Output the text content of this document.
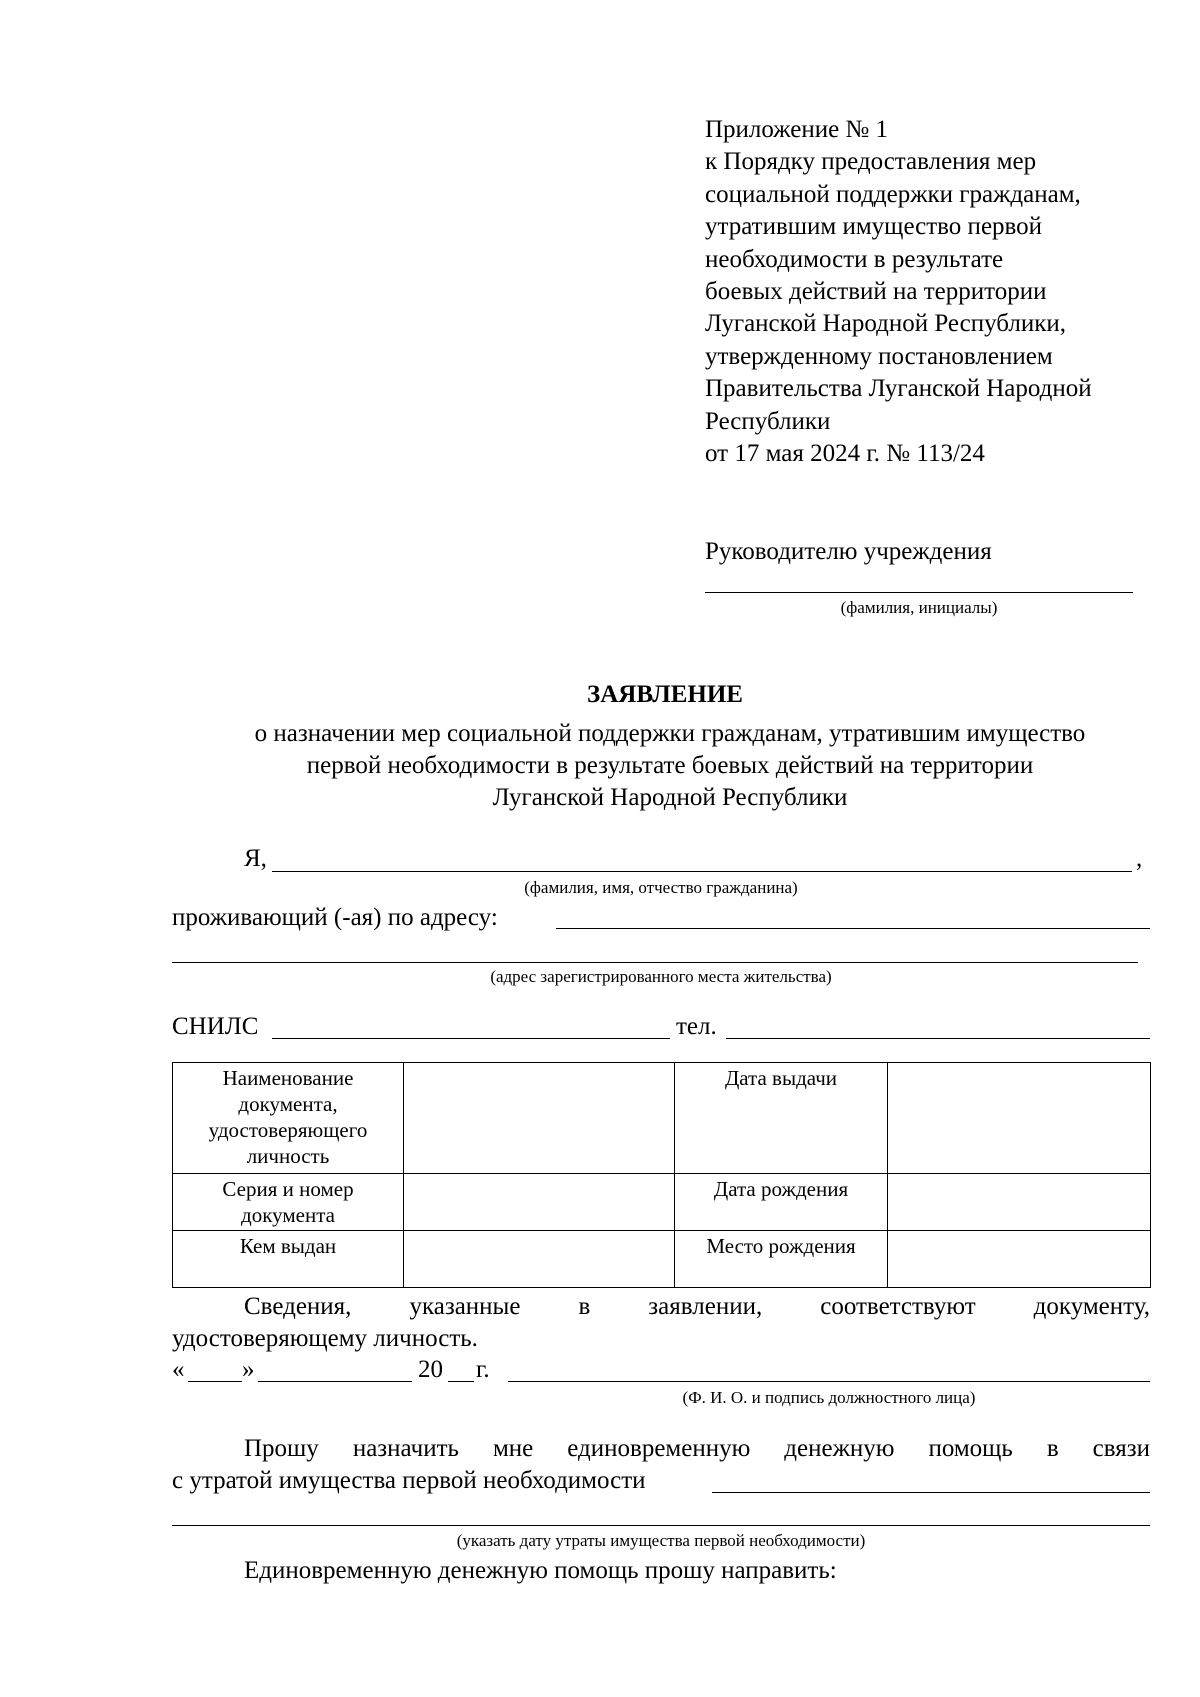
Приложение № 1
к Порядку предоставления мер
социальной поддержки гражданам,
утратившим имущество первой
необходимости в результате
боевых действий на территории
Луганской Народной Республики,
утвержденному постановлением
Правительства Луганской Народной
Республики
от 17 мая 2024 г. № 113/24
Руководителю учреждения
(фамилия, инициалы)
ЗАЯВЛЕНИЕ
о назначении мер социальной поддержки гражданам, утратившим имущество
первой необходимости в результате боевых действий на территории
Луганской Народной Республики
Я,	,
(фамилия, имя, отчество гражданина)
проживающий (-ая) по адресу:
(адрес зарегистрированного места жительства)
СНИЛС	тел.
Наименование документа, удостоверяющего личность		Дата выдачи	
Серия и номер документа		Дата рождения	
Кем выдан		Место рождения	
Сведения, указанные в заявлении, соответствуют документу,
удостоверяющему личность.
« »	20 г.
(Ф. И. О. и подпись должностного лица)
Прошу назначить мне единовременную денежную помощь в связи
с утратой имущества первой необходимости
(указать дату утраты имущества первой необходимости)
Единовременную денежную помощь прошу направить:
